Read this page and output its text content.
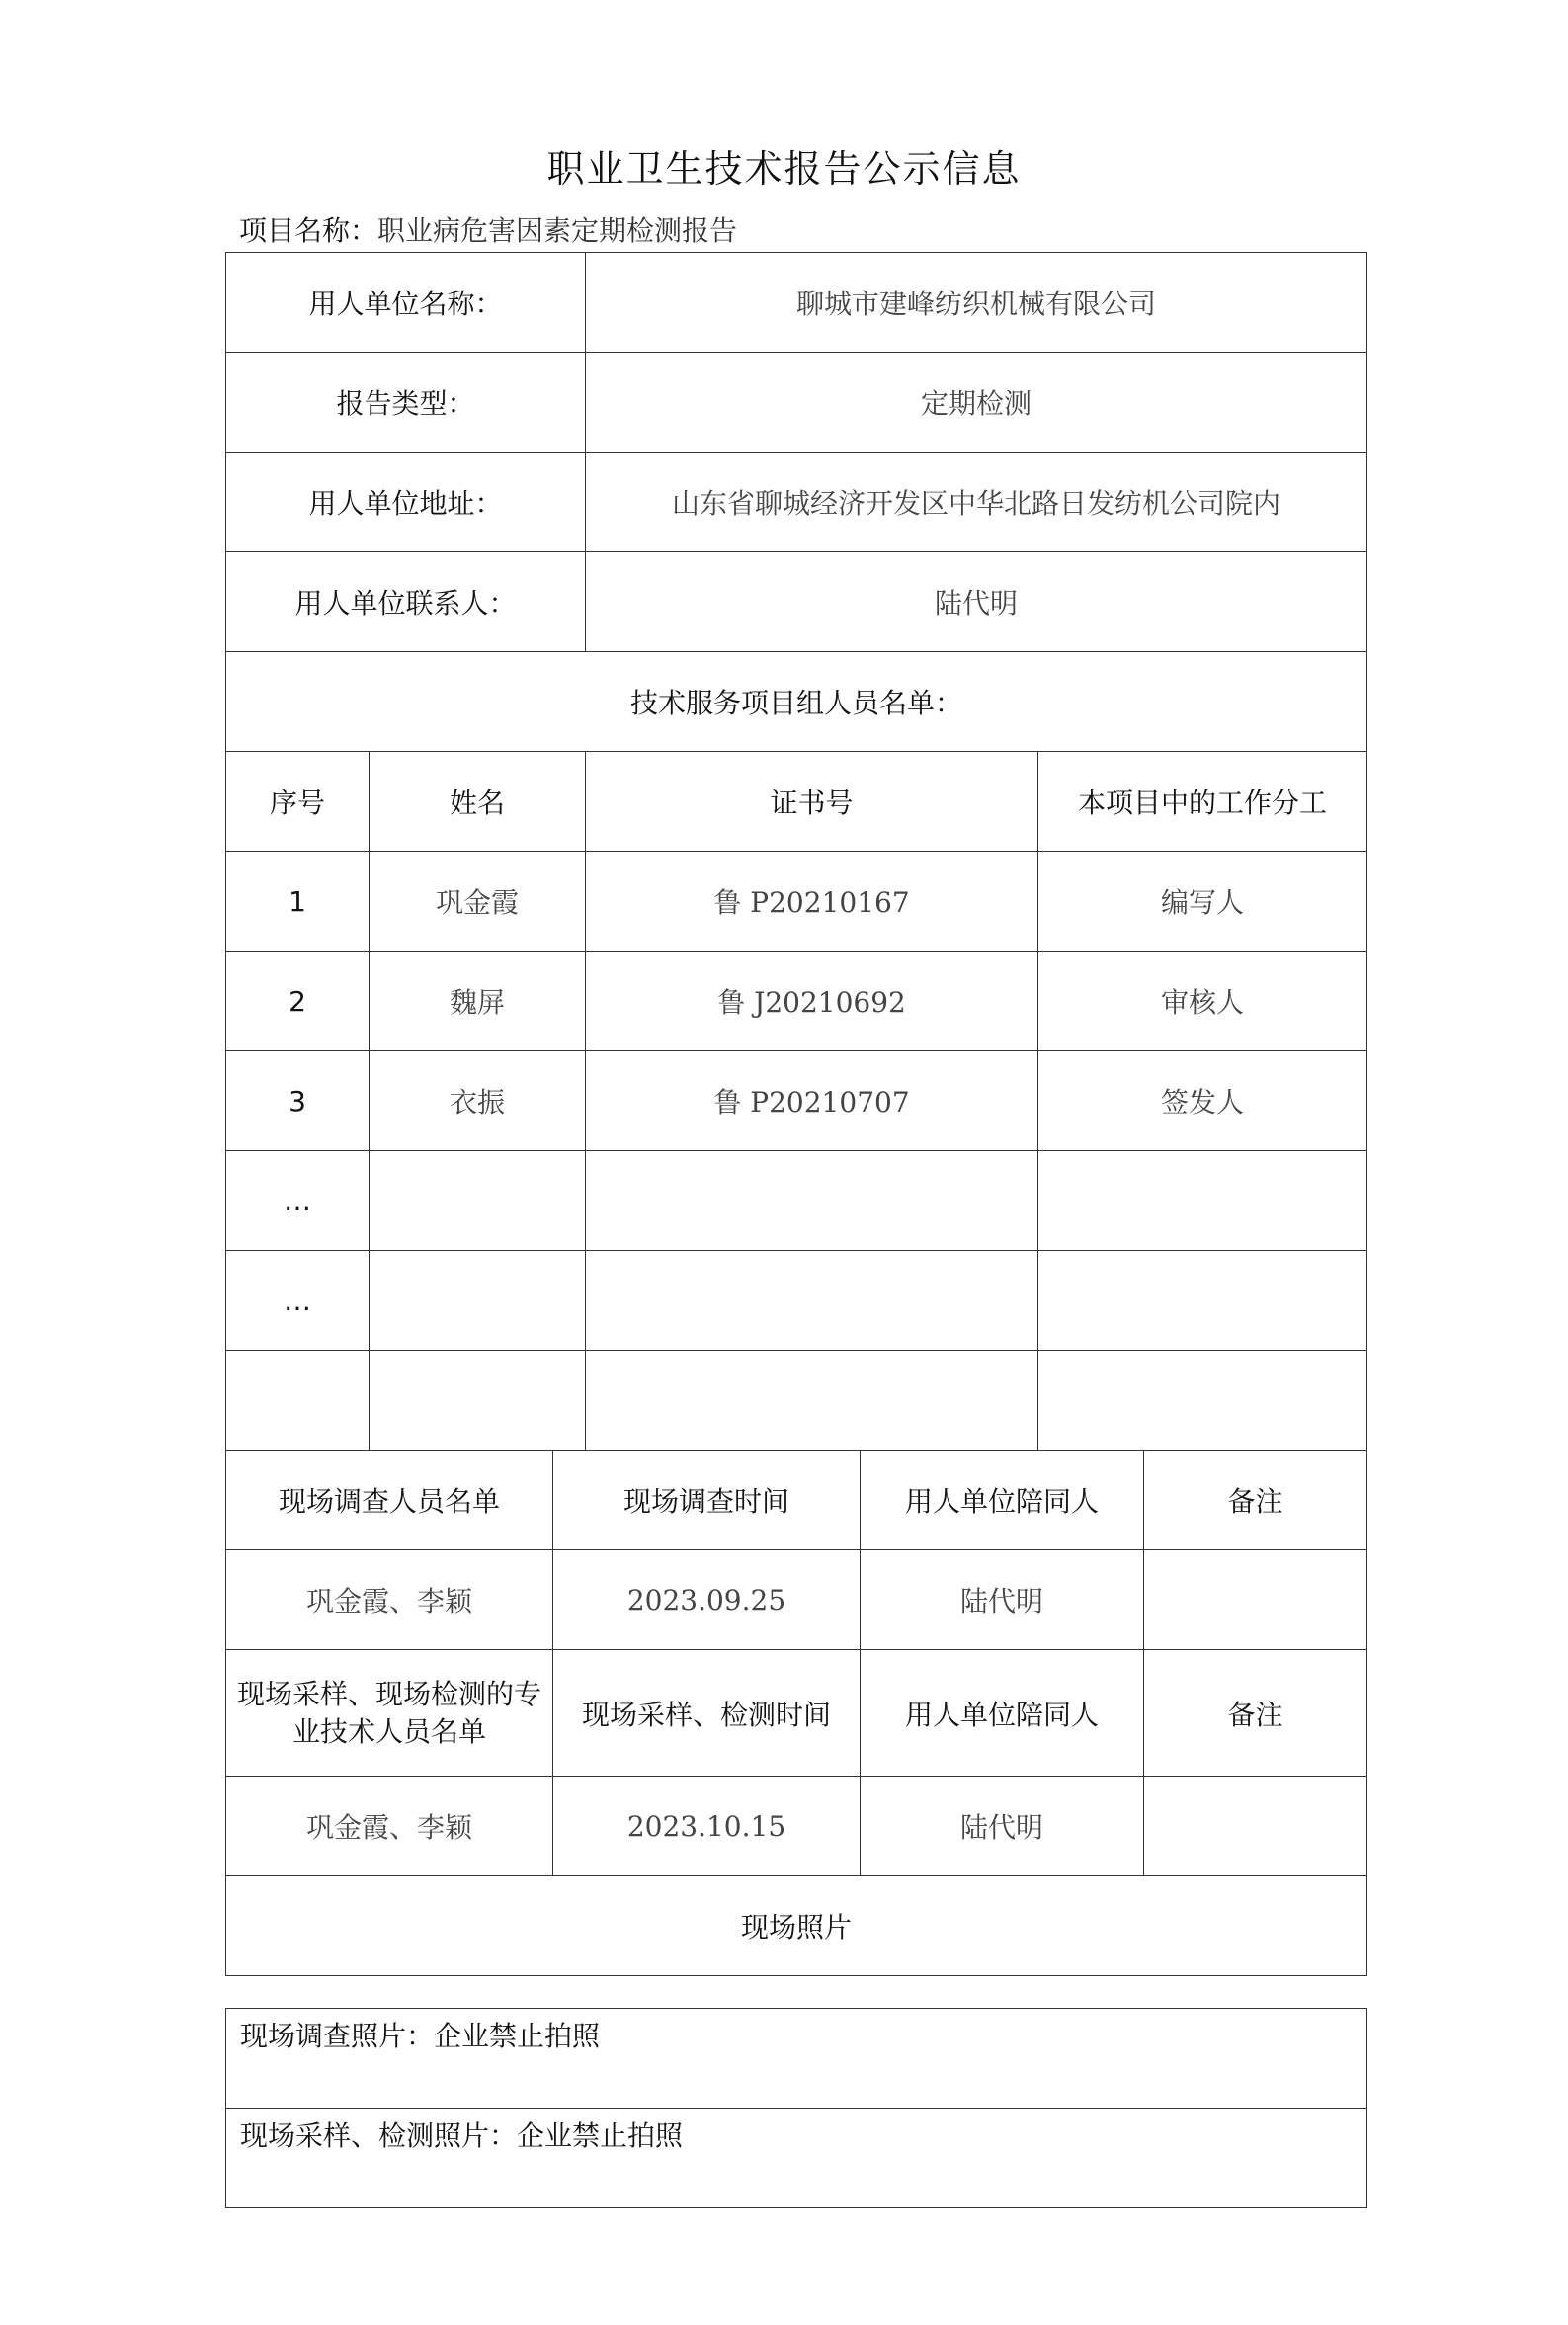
职业卫生技术报告公示信息
项目名称：职业病危害因素定期检测报告
用人单位名称：		聊城市建峰纺织机械有限公司	
报告类型：		定期检测	
用人单位地址：		山东省聊城经济开发区中华北路日发纺机公司院内	
用人单位联系人：		陆代明	
技术服务项目组人员名单：			
序号	姓名	证书号	本项目中的工作分工
1	巩金霞	鲁 P20210167	编写人
2	魏屏	鲁 J20210692	审核人
3	衣振	鲁 P20210707	签发人
…			
…			

现场调查人员名单	现场调查时间	用人单位陪同人	备注
巩金霞、李颖	2023.09.25	陆代明	
现场采样、现场检测的专业技术人员名单	现场采样、检测时间	用人单位陪同人	备注
巩金霞、李颖	2023.10.15	陆代明	
现场照片			
现场调查照片：企业禁止拍照
现场采样、检测照片：企业禁止拍照
